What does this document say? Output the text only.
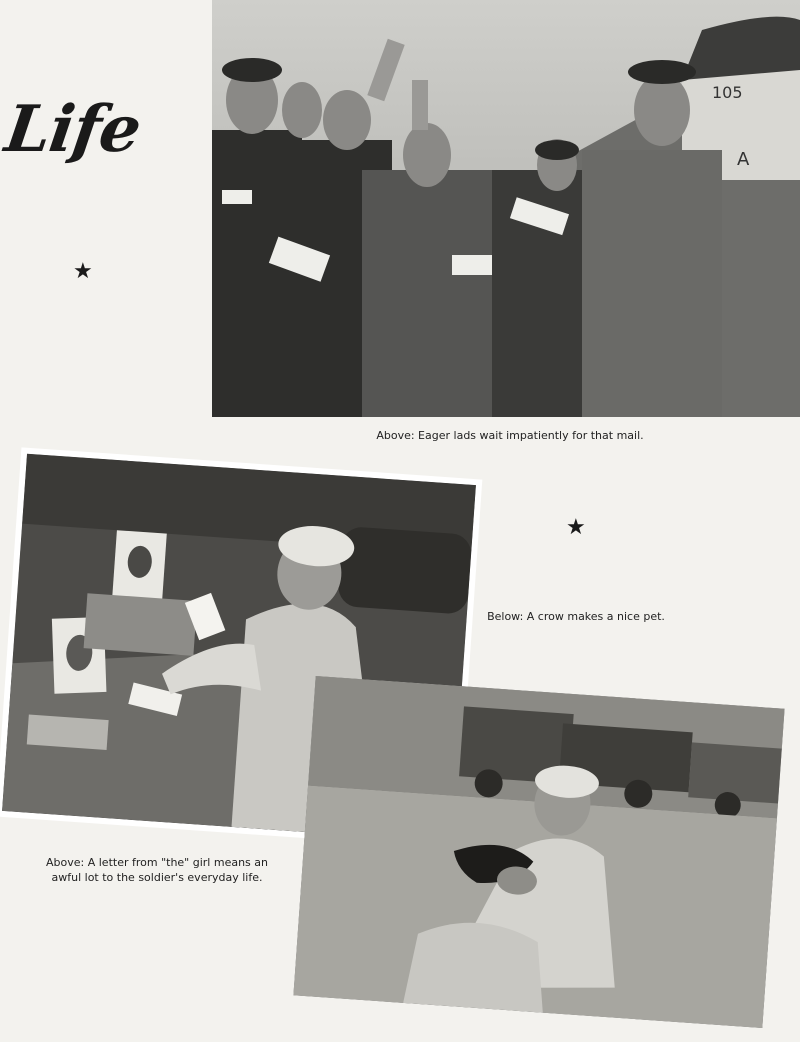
Life
★
★
105
A
Above: Eager lads wait impatiently for that mail.
Below: A crow makes a nice pet.
Above: A letter from "the" girl means an awful lot to the soldier's everyday life.
